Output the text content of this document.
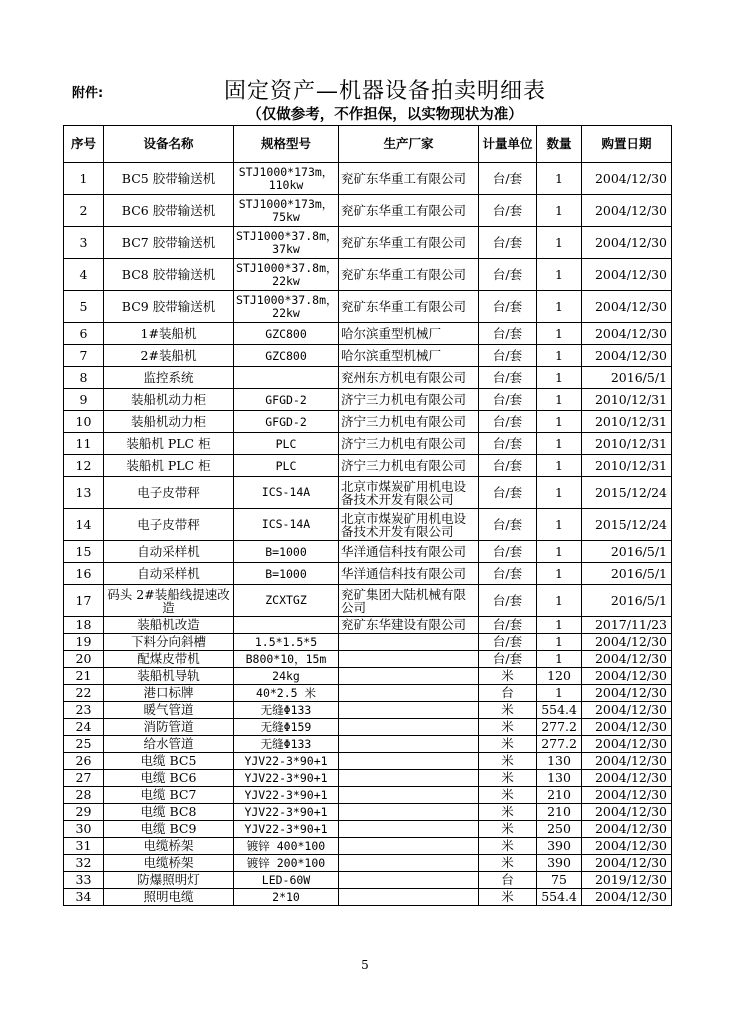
附件:	固定资产—机器设备拍卖明细表
（仅做参考，不作担保，以实物现状为准）
序号	设备名称	规格型号	生产厂家	计量单位	数量	购置日期
1	BC5 胶带输送机	STJ1000*173m，110kw	兖矿东华重工有限公司	台/套	1	2004/12/30
2	BC6 胶带输送机	STJ1000*173m，75kw	兖矿东华重工有限公司	台/套	1	2004/12/30
3	BC7 胶带输送机	STJ1000*37.8m，37kw	兖矿东华重工有限公司	台/套	1	2004/12/30
4	BC8 胶带输送机	STJ1000*37.8m，22kw	兖矿东华重工有限公司	台/套	1	2004/12/30
5	BC9 胶带输送机	STJ1000*37.8m，22kw	兖矿东华重工有限公司	台/套	1	2004/12/30
6	1#装船机	GZC800	哈尔滨重型机械厂	台/套	1	2004/12/30
7	2#装船机	GZC800	哈尔滨重型机械厂	台/套	1	2004/12/30
8	监控系统		兖州东方机电有限公司	台/套	1	2016/5/1
9	装船机动力柜	GFGD-2	济宁三力机电有限公司	台/套	1	2010/12/31
10	装船机动力柜	GFGD-2	济宁三力机电有限公司	台/套	1	2010/12/31
11	装船机 PLC 柜	PLC	济宁三力机电有限公司	台/套	1	2010/12/31
12	装船机 PLC 柜	PLC	济宁三力机电有限公司	台/套	1	2010/12/31
13	电子皮带秤	ICS-14A	北京市煤炭矿用机电设备技术开发有限公司	台/套	1	2015/12/24
14	电子皮带秤	ICS-14A	北京市煤炭矿用机电设备技术开发有限公司	台/套	1	2015/12/24
15	自动采样机	B=1000	华洋通信科技有限公司	台/套	1	2016/5/1
16	自动采样机	B=1000	华洋通信科技有限公司	台/套	1	2016/5/1
17	码头 2#装船线提速改造	ZCXTGZ	兖矿集团大陆机械有限公司	台/套	1	2016/5/1
18	装船机改造		兖矿东华建设有限公司	台/套	1	2017/11/23
19	下料分向斜槽	1.5*1.5*5		台/套	1	2004/12/30
20	配煤皮带机	B800*10，15m		台/套	1	2004/12/30
21	装船机导轨	24kg		米	120	2004/12/30
22	港口标牌	40*2.5 米		台	1	2004/12/30
23	暖气管道	无缝Φ133		米	554.4	2004/12/30
24	消防管道	无缝Φ159		米	277.2	2004/12/30
25	给水管道	无缝Φ133		米	277.2	2004/12/30
26	电缆 BC5	YJV22-3*90+1		米	130	2004/12/30
27	电缆 BC6	YJV22-3*90+1		米	130	2004/12/30
28	电缆 BC7	YJV22-3*90+1		米	210	2004/12/30
29	电缆 BC8	YJV22-3*90+1		米	210	2004/12/30
30	电缆 BC9	YJV22-3*90+1		米	250	2004/12/30
31	电缆桥架	镀锌 400*100		米	390	2004/12/30
32	电缆桥架	镀锌 200*100		米	390	2004/12/30
33	防爆照明灯	LED-60W		台	75	2019/12/30
34	照明电缆	2*10		米	554.4	2004/12/30
5
